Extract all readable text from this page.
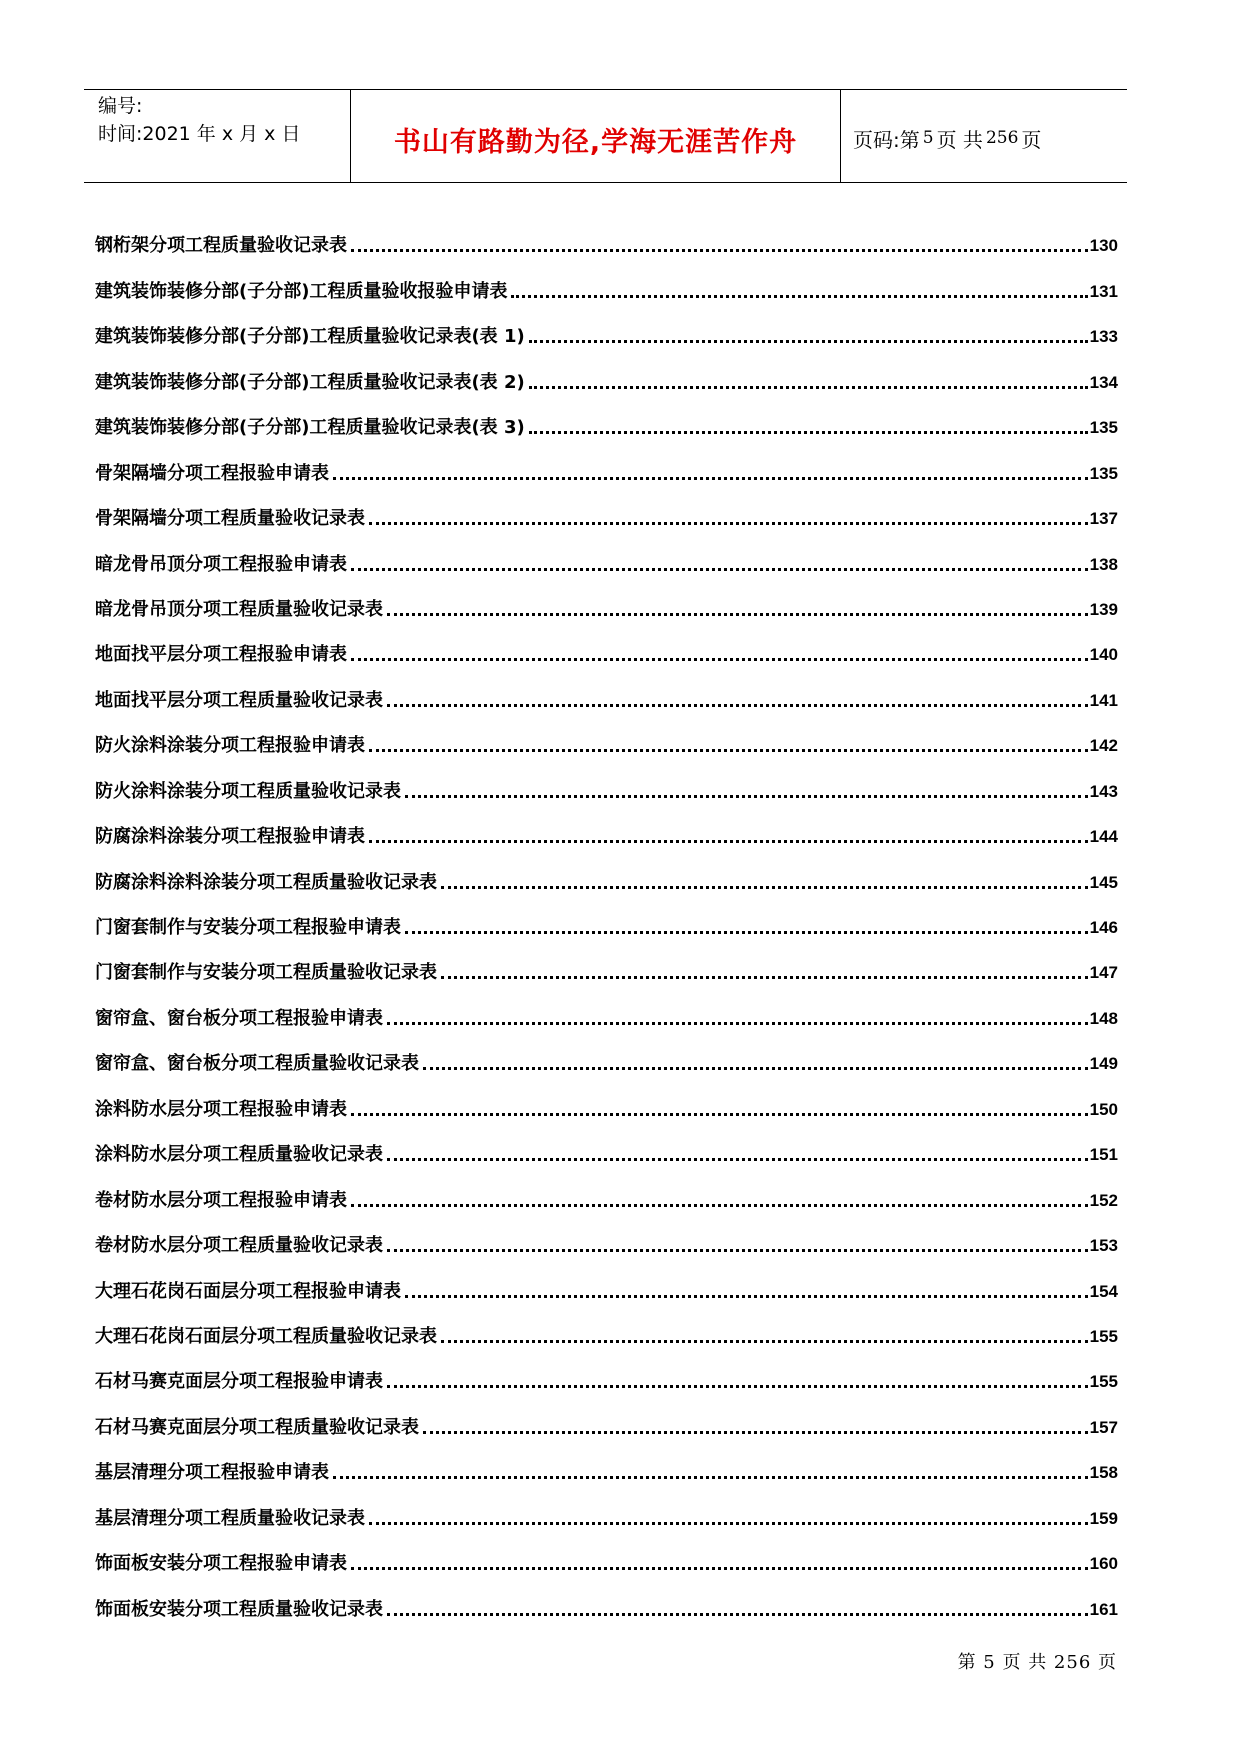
编号:
时间:2021 年 x 月 x 日	书山有路勤为径,学海无涯苦作舟	页码:第 5 页 共 256 页
钢桁架分项工程质量验收记录表	130
建筑装饰装修分部(子分部)工程质量验收报验申请表	131
建筑装饰装修分部(子分部)工程质量验收记录表(表 1)	133
建筑装饰装修分部(子分部)工程质量验收记录表(表 2)	134
建筑装饰装修分部(子分部)工程质量验收记录表(表 3)	135
骨架隔墙分项工程报验申请表	135
骨架隔墙分项工程质量验收记录表	137
暗龙骨吊顶分项工程报验申请表	138
暗龙骨吊顶分项工程质量验收记录表	139
地面找平层分项工程报验申请表	140
地面找平层分项工程质量验收记录表	141
防火涂料涂装分项工程报验申请表	142
防火涂料涂装分项工程质量验收记录表	143
防腐涂料涂装分项工程报验申请表	144
防腐涂料涂料涂装分项工程质量验收记录表	145
门窗套制作与安装分项工程报验申请表	146
门窗套制作与安装分项工程质量验收记录表	147
窗帘盒、窗台板分项工程报验申请表	148
窗帘盒、窗台板分项工程质量验收记录表	149
涂料防水层分项工程报验申请表	150
涂料防水层分项工程质量验收记录表	151
卷材防水层分项工程报验申请表	152
卷材防水层分项工程质量验收记录表	153
大理石花岗石面层分项工程报验申请表	154
大理石花岗石面层分项工程质量验收记录表	155
石材马赛克面层分项工程报验申请表	155
石材马赛克面层分项工程质量验收记录表	157
基层清理分项工程报验申请表	158
基层清理分项工程质量验收记录表	159
饰面板安装分项工程报验申请表	160
饰面板安装分项工程质量验收记录表	161
第 5 页 共 256 页
